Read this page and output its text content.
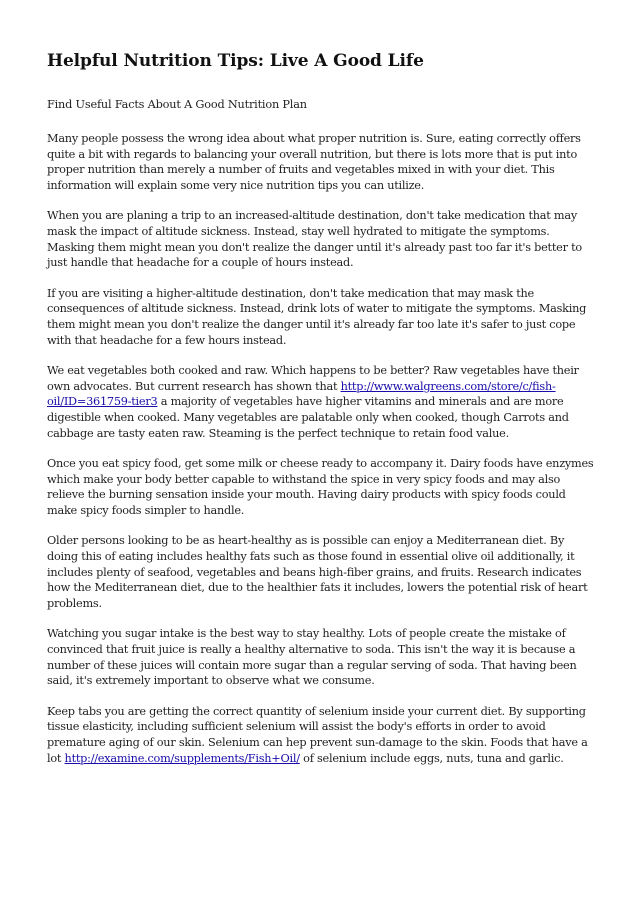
Helpful Nutrition Tips: Live A Good Life

Find Useful Facts About A Good Nutrition Plan

Many people possess the wrong idea about what proper nutrition is. Sure, eating correctly offers quite a bit with regards to balancing your overall nutrition, but there is lots more that is put into proper nutrition than merely a number of fruits and vegetables mixed in with your diet. This information will explain some very nice nutrition tips you can utilize.

When you are planing a trip to an increased-altitude destination, don't take medication that may mask the impact of altitude sickness. Instead, stay well hydrated to mitigate the symptoms. Masking them might mean you don't realize the danger until it's already past too far it's better to just handle that headache for a couple of hours instead.

If you are visiting a higher-altitude destination, don't take medication that may mask the consequences of altitude sickness. Instead, drink lots of water to mitigate the symptoms. Masking them might mean you don't realize the danger until it's already far too late it's safer to just cope with that headache for a few hours instead.

We eat vegetables both cooked and raw. Which happens to be better? Raw vegetables have their own advocates. But current research has shown that http://www.walgreens.com/store/c/fish-oil/ID=361759-tier3 a majority of vegetables have higher vitamins and minerals and are more digestible when cooked. Many vegetables are palatable only when cooked, though Carrots and cabbage are tasty eaten raw. Steaming is the perfect technique to retain food value.

Once you eat spicy food, get some milk or cheese ready to accompany it. Dairy foods have enzymes which make your body better capable to withstand the spice in very spicy foods and may also relieve the burning sensation inside your mouth. Having dairy products with spicy foods could make spicy foods simpler to handle.

Older persons looking to be as heart-healthy as is possible can enjoy a Mediterranean diet. By doing this of eating includes healthy fats such as those found in essential olive oil additionally, it includes plenty of seafood, vegetables and beans high-fiber grains, and fruits. Research indicates how the Mediterranean diet, due to the healthier fats it includes, lowers the potential risk of heart problems.

Watching you sugar intake is the best way to stay healthy. Lots of people create the mistake of convinced that fruit juice is really a healthy alternative to soda. This isn't the way it is because a number of these juices will contain more sugar than a regular serving of soda. That having been said, it's extremely important to observe what we consume.

Keep tabs you are getting the correct quantity of selenium inside your current diet. By supporting tissue elasticity, including sufficient selenium will assist the body's efforts in order to avoid premature aging of our skin. Selenium can hep prevent sun-damage to the skin. Foods that have a lot http://examine.com/supplements/Fish+Oil/ of selenium include eggs, nuts, tuna and garlic.
